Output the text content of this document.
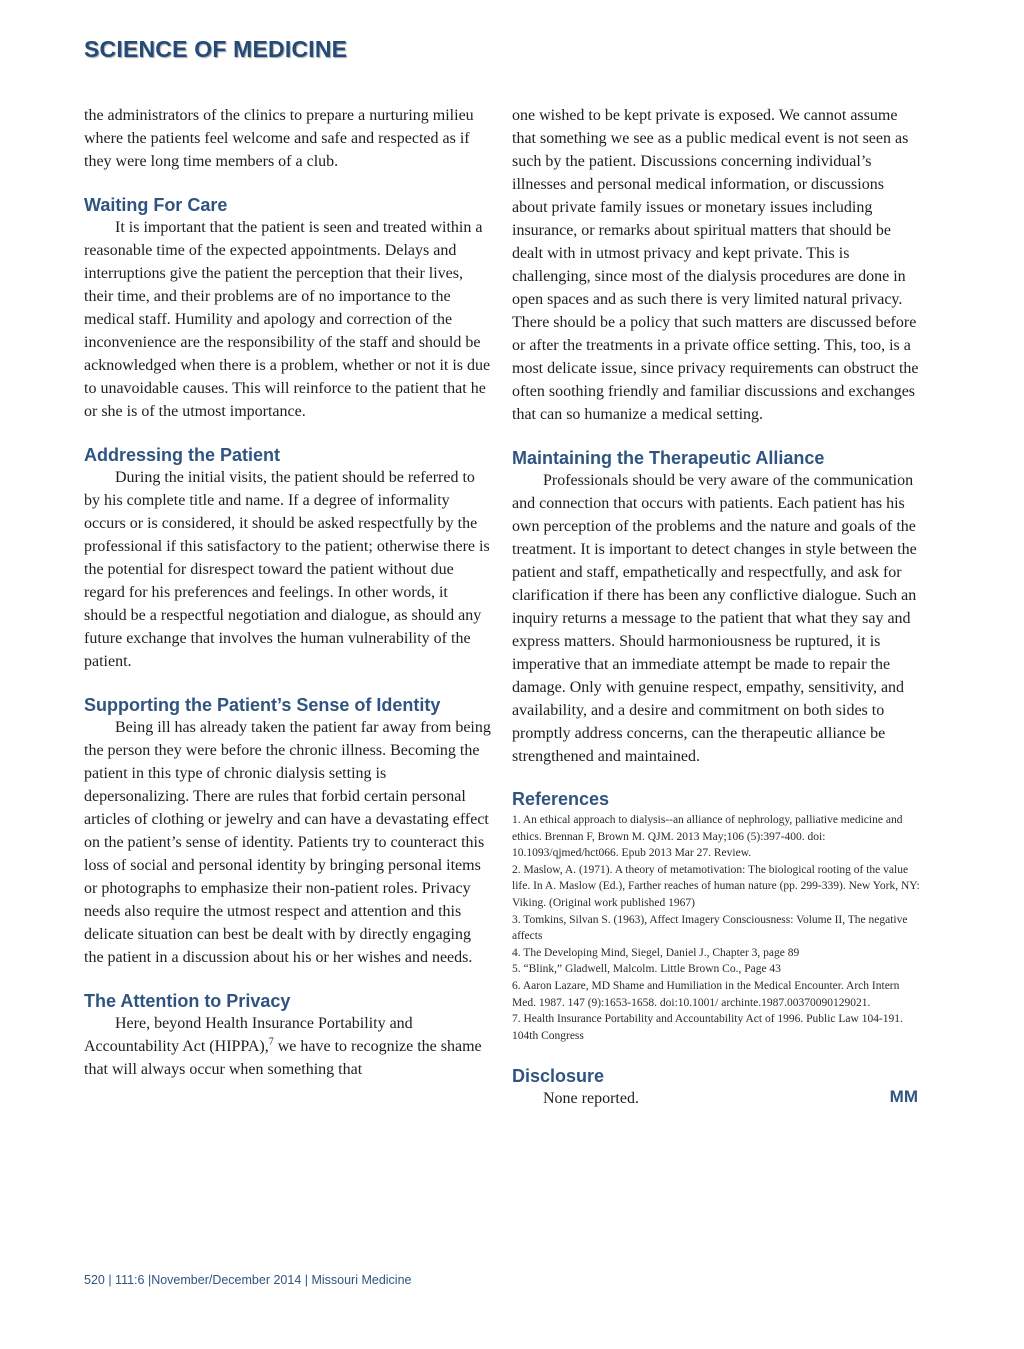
SCIENCE OF MEDICINE

the administrators of the clinics to prepare a nurturing milieu where the patients feel welcome and safe and respected as if they were long time members of a club.

Waiting For Care

It is important that the patient is seen and treated within a reasonable time of the expected appointments. Delays and interruptions give the patient the perception that their lives, their time, and their problems are of no importance to the medical staff. Humility and apology and correction of the inconvenience are the responsibility of the staff and should be acknowledged when there is a problem, whether or not it is due to unavoidable causes. This will reinforce to the patient that he or she is of the utmost importance.

Addressing the Patient

During the initial visits, the patient should be referred to by his complete title and name. If a degree of informality occurs or is considered, it should be asked respectfully by the professional if this satisfactory to the patient; otherwise there is the potential for disrespect toward the patient without due regard for his preferences and feelings. In other words, it should be a respectful negotiation and dialogue, as should any future exchange that involves the human vulnerability of the patient.

Supporting the Patient’s Sense of Identity

Being ill has already taken the patient far away from being the person they were before the chronic illness. Becoming the patient in this type of chronic dialysis setting is depersonalizing. There are rules that forbid certain personal articles of clothing or jewelry and can have a devastating effect on the patient’s sense of identity. Patients try to counteract this loss of social and personal identity by bringing personal items or photographs to emphasize their non-patient roles. Privacy needs also require the utmost respect and attention and this delicate situation can best be dealt with by directly engaging the patient in a discussion about his or her wishes and needs.

The Attention to Privacy

Here, beyond Health Insurance Portability and Accountability Act (HIPPA),$^7$ we have to recognize the shame that will always occur when something that

one wished to be kept private is exposed. We cannot assume that something we see as a public medical event is not seen as such by the patient. Discussions concerning individual’s illnesses and personal medical information, or discussions about private family issues or monetary issues including insurance, or remarks about spiritual matters that should be dealt with in utmost privacy and kept private. This is challenging, since most of the dialysis procedures are done in open spaces and as such there is very limited natural privacy. There should be a policy that such matters are discussed before or after the treatments in a private office setting. This, too, is a most delicate issue, since privacy requirements can obstruct the often soothing friendly and familiar discussions and exchanges that can so humanize a medical setting.

Maintaining the Therapeutic Alliance

Professionals should be very aware of the communication and connection that occurs with patients. Each patient has his own perception of the problems and the nature and goals of the treatment. It is important to detect changes in style between the patient and staff, empathetically and respectfully, and ask for clarification if there has been any conflictive dialogue. Such an inquiry returns a message to the patient that what they say and express matters. Should harmoniousness be ruptured, it is imperative that an immediate attempt be made to repair the damage. Only with genuine respect, empathy, sensitivity, and availability, and a desire and commitment on both sides to promptly address concerns, can the therapeutic alliance be strengthened and maintained.

References
1. An ethical approach to dialysis--an alliance of nephrology, palliative medicine and ethics. Brennan F, Brown M. QJM. 2013 May;106 (5):397-400. doi: 10.1093/qjmed/hct066. Epub 2013 Mar 27. Review.
2. Maslow, A. (1971). A theory of metamotivation: The biological rooting of the value life. In A. Maslow (Ed.), Farther reaches of human nature (pp. 299-339). New York, NY: Viking. (Original work published 1967)
3. Tomkins, Silvan S. (1963), Affect Imagery Consciousness: Volume II, The negative affects
4. The Developing Mind, Siegel, Daniel J., Chapter 3, page 89
5. “Blink,” Gladwell, Malcolm. Little Brown Co., Page 43
6. Aaron Lazare, MD Shame and Humiliation in the Medical Encounter. Arch Intern Med. 1987. 147 (9):1653-1658. doi:10.1001/ archinte.1987.00370090129021.
7. Health Insurance Portability and Accountability Act of 1996. Public Law 104-191. 104th Congress
Disclosure

None reported.	MM
520 | 111:6 |November/December 2014 | Missouri Medicine
